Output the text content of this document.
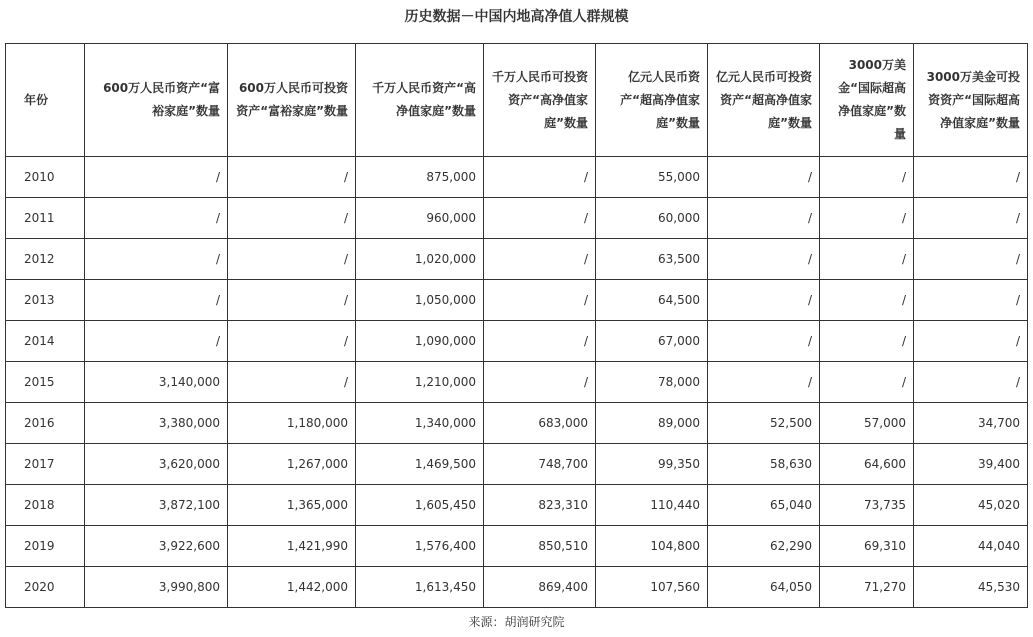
历史数据－中国内地高净值人群规模
年份	600万人民币资产“富裕家庭”数量	600万人民币可投资资产“富裕家庭”数量	千万人民币资产“高净值家庭”数量	千万人民币可投资资产“高净值家庭”数量	亿元人民币资产“超高净值家庭”数量	亿元人民币可投资资产“超高净值家庭”数量	3000万美金“国际超高净值家庭”数量	3000万美金可投资资产“国际超高净值家庭”数量
2010	/	/	875,000	/	55,000	/	/	/
2011	/	/	960,000	/	60,000	/	/	/
2012	/	/	1,020,000	/	63,500	/	/	/
2013	/	/	1,050,000	/	64,500	/	/	/
2014	/	/	1,090,000	/	67,000	/	/	/
2015	3,140,000	/	1,210,000	/	78,000	/	/	/
2016	3,380,000	1,180,000	1,340,000	683,000	89,000	52,500	57,000	34,700
2017	3,620,000	1,267,000	1,469,500	748,700	99,350	58,630	64,600	39,400
2018	3,872,100	1,365,000	1,605,450	823,310	110,440	65,040	73,735	45,020
2019	3,922,600	1,421,990	1,576,400	850,510	104,800	62,290	69,310	44,040
2020	3,990,800	1,442,000	1,613,450	869,400	107,560	64,050	71,270	45,530
来源：胡润研究院
